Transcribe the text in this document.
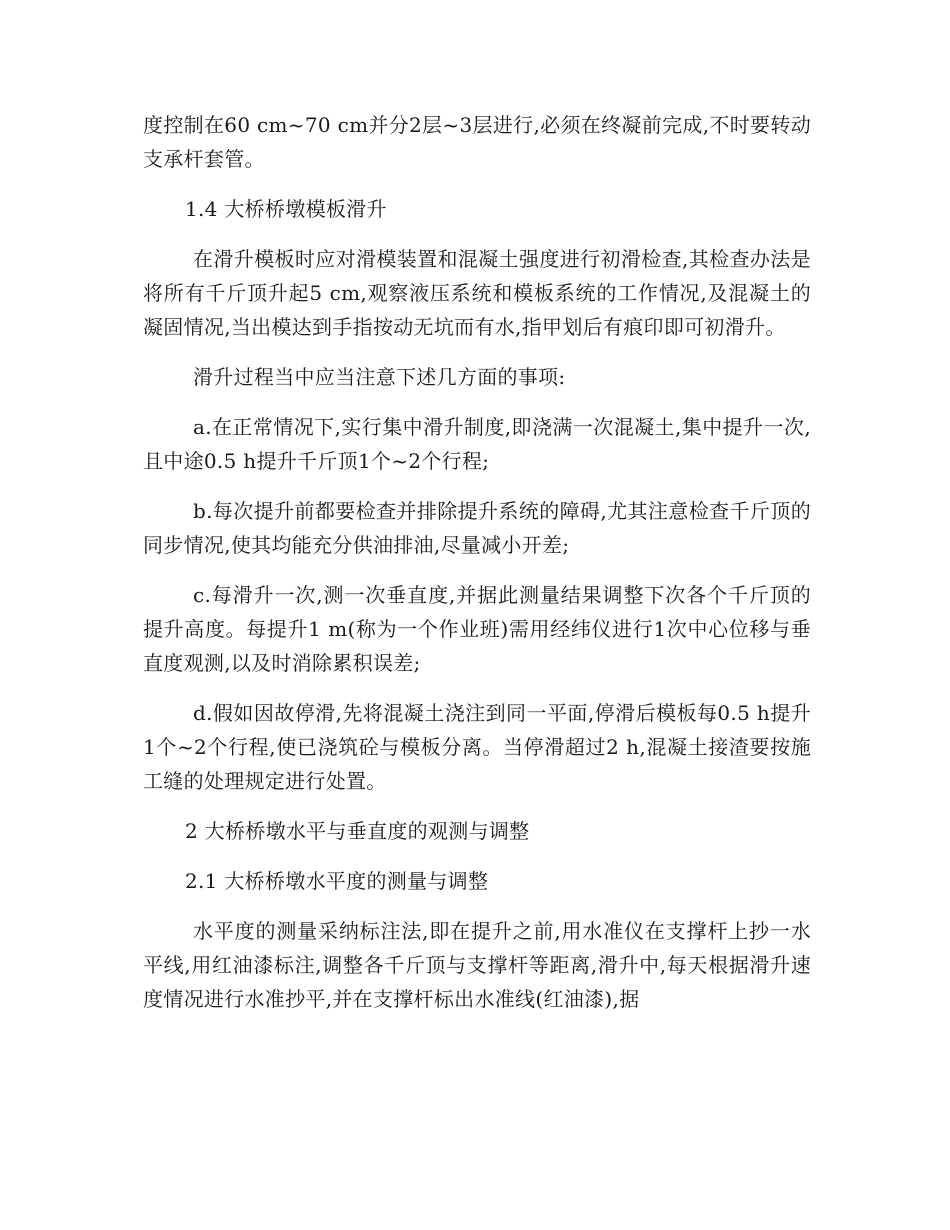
度控制在60 cm~70 cm并分2层~3层进行,必须在终凝前完成,不时要转动支承杆套管。

1.4 大桥桥墩模板滑升

在滑升模板时应对滑模装置和混凝土强度进行初滑检查,其检查办法是将所有千斤顶升起5 cm,观察液压系统和模板系统的工作情况,及混凝土的凝固情况,当出模达到手指按动无坑而有水,指甲划后有痕印即可初滑升。

滑升过程当中应当注意下述几方面的事项:

a.在正常情况下,实行集中滑升制度,即浇满一次混凝土,集中提升一次,且中途0.5 h提升千斤顶1个~2个行程;

b.每次提升前都要检查并排除提升系统的障碍,尤其注意检查千斤顶的同步情况,使其均能充分供油排油,尽量减小开差;

c.每滑升一次,测一次垂直度,并据此测量结果调整下次各个千斤顶的提升高度。每提升1 m(称为一个作业班)需用经纬仪进行1次中心位移与垂直度观测,以及时消除累积误差;

d.假如因故停滑,先将混凝土浇注到同一平面,停滑后模板每0.5 h提升1个~2个行程,使已浇筑砼与模板分离。当停滑超过2 h,混凝土接渣要按施工缝的处理规定进行处置。

2 大桥桥墩水平与垂直度的观测与调整

2.1 大桥桥墩水平度的测量与调整

水平度的测量采纳标注法,即在提升之前,用水准仪在支撑杆上抄一水平线,用红油漆标注,调整各千斤顶与支撑杆等距离,滑升中,每天根据滑升速度情况进行水准抄平,并在支撑杆标出水准线(红油漆),据
